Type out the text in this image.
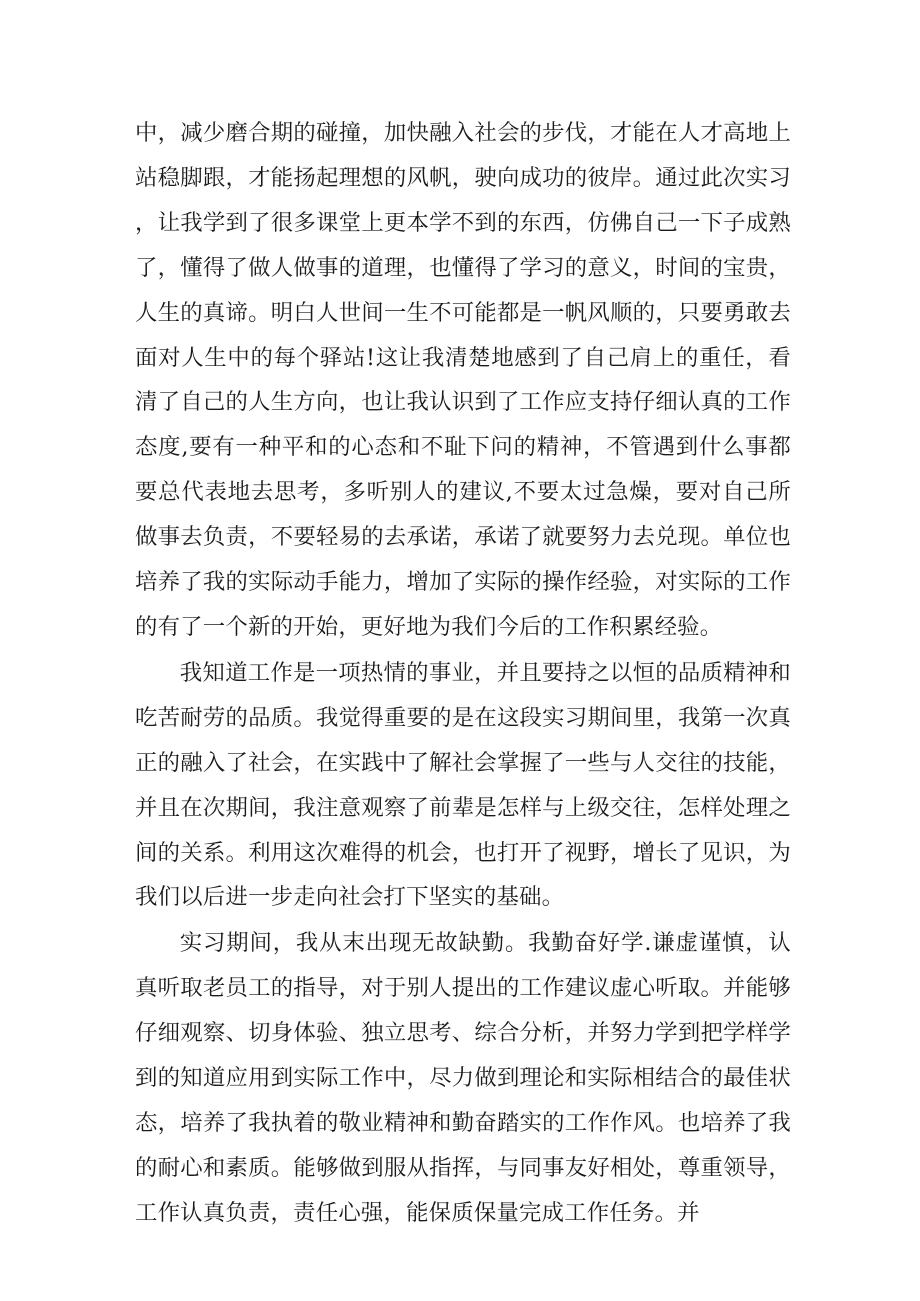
中，减少磨合期的碰撞，加快融入社会的步伐，才能在人才高地上站稳脚跟，才能扬起理想的风帆，驶向成功的彼岸。通过此次实习，让我学到了很多课堂上更本学不到的东西，仿佛自己一下子成熟了，懂得了做人做事的道理，也懂得了学习的意义，时间的宝贵，人生的真谛。明白人世间一生不可能都是一帆风顺的，只要勇敢去面对人生中的每个驿站!这让我清楚地感到了自己肩上的重任，看清了自己的人生方向，也让我认识到了工作应支持仔细认真的工作态度,要有一种平和的心态和不耻下问的精神，不管遇到什么事都要总代表地去思考，多听别人的建议,不要太过急燥，要对自己所做事去负责，不要轻易的去承诺，承诺了就要努力去兑现。单位也培养了我的实际动手能力，增加了实际的操作经验，对实际的工作的有了一个新的开始，更好地为我们今后的工作积累经验。

我知道工作是一项热情的事业，并且要持之以恒的品质精神和吃苦耐劳的品质。我觉得重要的是在这段实习期间里，我第一次真正的融入了社会，在实践中了解社会掌握了一些与人交往的技能，并且在次期间，我注意观察了前辈是怎样与上级交往，怎样处理之间的关系。利用这次难得的机会，也打开了视野，增长了见识，为我们以后进一步走向社会打下坚实的基础。

实习期间，我从末出现无故缺勤。我勤奋好学.谦虚谨慎，认真听取老员工的指导，对于别人提出的工作建议虚心听取。并能够仔细观察、切身体验、独立思考、综合分析，并努力学到把学样学到的知道应用到实际工作中，尽力做到理论和实际相结合的最佳状态，培养了我执着的敬业精神和勤奋踏实的工作作风。也培养了我的耐心和素质。能够做到服从指挥，与同事友好相处，尊重领导，工作认真负责，责任心强，能保质保量完成工作任务。并
